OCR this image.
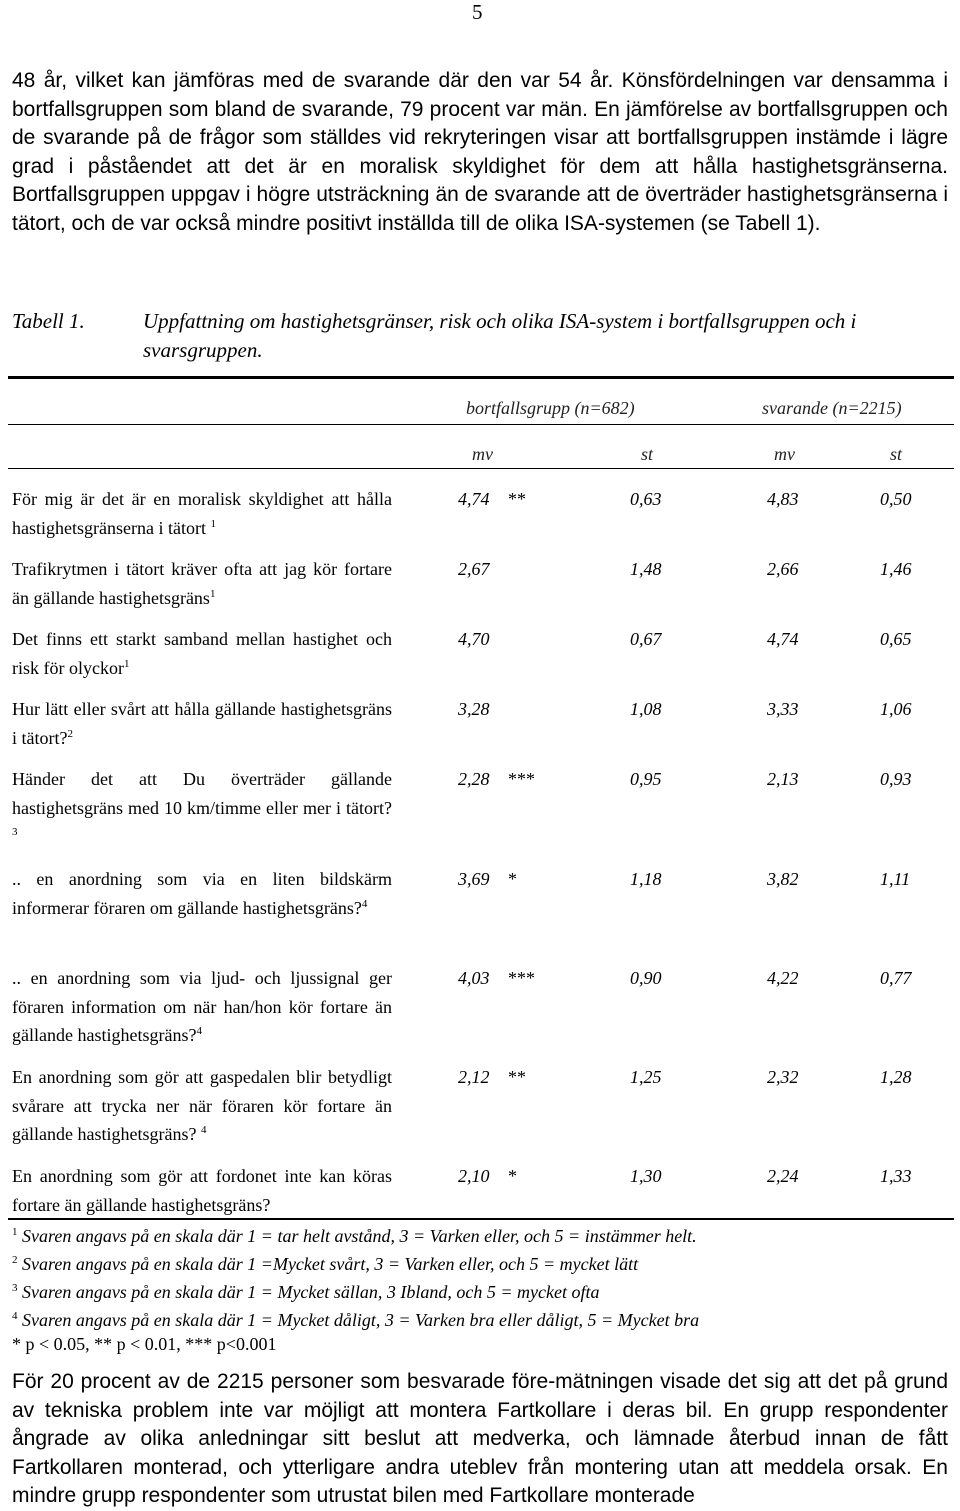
5

48 år, vilket kan jämföras med de svarande där den var 54 år. Könsfördelningen var densamma i bortfallsgruppen som bland de svarande, 79 procent var män. En jämförelse av bortfallsgruppen och de svarande på de frågor som ställdes vid rekryteringen visar att bortfallsgruppen instämde i lägre grad i påståendet att det är en moralisk skyldighet för dem att hålla hastighetsgränserna. Bortfallsgruppen uppgav i högre utsträckning än de svarande att de överträder hastighetsgränserna i tätort, och de var också mindre positivt inställda till de olika ISA-systemen (se Tabell 1).

Tabell 1.	Uppfattning om hastighetsgränser, risk och olika ISA-system i bortfallsgruppen och i svarsgruppen.
bortfallsgrupp (n=682)	svarande (n=2215)
mv	st	mv	st
För mig är det är en moralisk skyldighet att hålla hastighetsgränserna i tätort $^1$
4,74 **	0,63	4,83	0,50
Trafikrytmen i tätort kräver ofta att jag kör fortare än gällande hastighetsgräns$^1$
2,67	1,48	2,66	1,46
Det finns ett starkt samband mellan hastighet och risk för olyckor$^1$
4,70	0,67	4,74	0,65
Hur lätt eller svårt att hålla gällande hastighetsgräns i tätort?$^2$
3,28	1,08	3,33	1,06
Händer det att Du överträder gällande hastighetsgräns med 10 km/timme eller mer i tätort?$^3$
2,28 ***	0,95	2,13	0,93
.. en anordning som via en liten bildskärm informerar föraren om gällande hastighetsgräns?$^4$
3,69 *	1,18	3,82	1,11
.. en anordning som via ljud- och ljussignal ger föraren information om när han/hon kör fortare än gällande hastighetsgräns?$^4$
4,03 ***	0,90	4,22	0,77
En anordning som gör att gaspedalen blir betydligt svårare att trycka ner när föraren kör fortare än gällande hastighetsgräns? $^4$
2,12 **	1,25	2,32	1,28
En anordning som gör att fordonet inte kan köras fortare än gällande hastighetsgräns?
2,10 *	1,30	2,24	1,33
$^1$ Svaren angavs på en skala där 1 = tar helt avstånd, 3 = Varken eller, och 5 = instämmer helt.
$^2$ Svaren angavs på en skala där 1 =Mycket svårt, 3 = Varken eller, och 5 = mycket lätt
$^3$ Svaren angavs på en skala där 1 = Mycket sällan, 3 Ibland, och 5 = mycket ofta
$^4$ Svaren angavs på en skala där 1 = Mycket dåligt, 3 = Varken bra eller dåligt, 5 = Mycket bra
* p < 0.05, ** p < 0.01, *** p<0.001

För 20 procent av de 2215 personer som besvarade före-mätningen visade det sig att det på grund av tekniska problem inte var möjligt att montera Fartkollare i deras bil. En grupp respondenter ångrade av olika anledningar sitt beslut att medverka, och lämnade återbud innan de fått Fartkollaren monterad, och ytterligare andra uteblev från montering utan att meddela orsak. En mindre grupp respondenter som utrustat bilen med Fartkollare monterade
